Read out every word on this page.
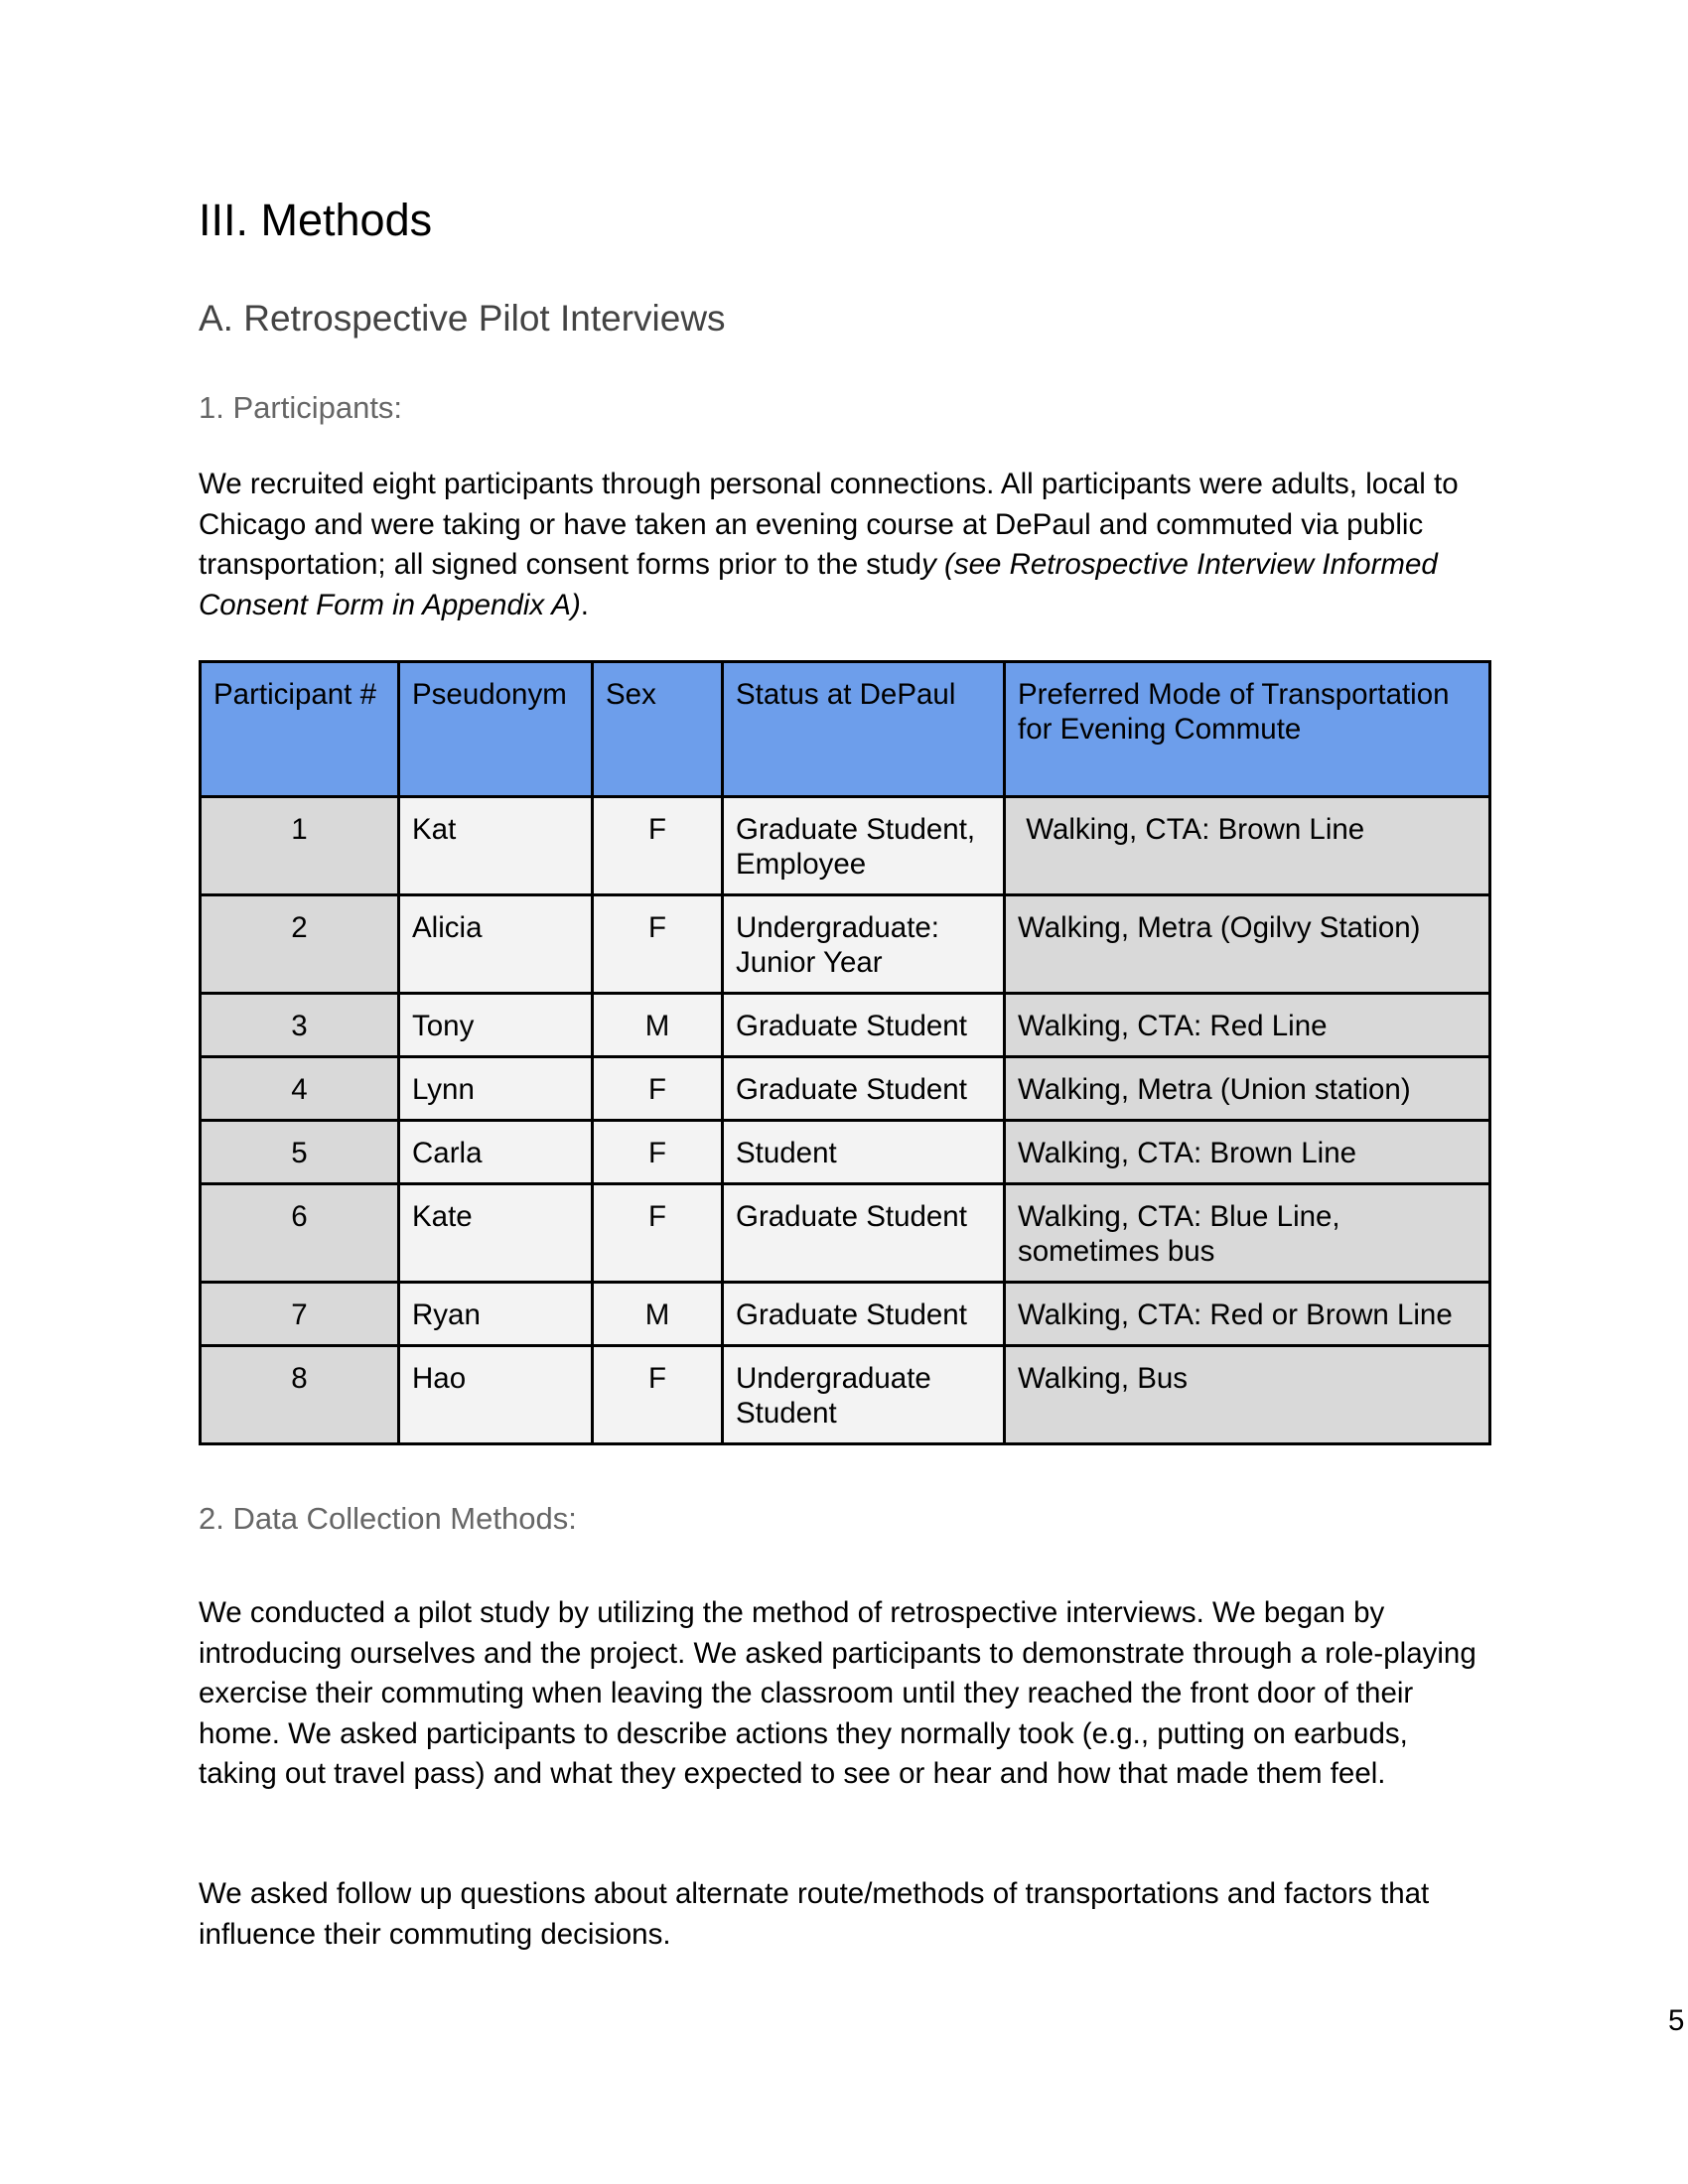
III. Methods
A. Retrospective Pilot Interviews
1. Participants:

We recruited eight participants through personal connections. All participants were adults, local to Chicago and were taking or have taken an evening course at DePaul and commuted via public transportation; all signed consent forms prior to the study (see Retrospective Interview Informed Consent Form in Appendix A).

Participant #	Pseudonym	Sex	Status at DePaul	Preferred Mode of Transportation for Evening Commute
1	Kat	F	Graduate Student, Employee	Walking, CTA: Brown Line
2	Alicia	F	Undergraduate: Junior Year	Walking, Metra (Ogilvy Station)
3	Tony	M	Graduate Student	Walking, CTA: Red Line
4	Lynn	F	Graduate Student	Walking, Metra (Union station)
5	Carla	F	Student	Walking, CTA: Brown Line
6	Kate	F	Graduate Student	Walking, CTA: Blue Line, sometimes bus
7	Ryan	M	Graduate Student	Walking, CTA: Red or Brown Line
8	Hao	F	Undergraduate Student	Walking, Bus
2. Data Collection Methods:

We conducted a pilot study by utilizing the method of retrospective interviews. We began by introducing ourselves and the project. We asked participants to demonstrate through a role-playing exercise their commuting when leaving the classroom until they reached the front door of their home. We asked participants to describe actions they normally took (e.g., putting on earbuds, taking out travel pass) and what they expected to see or hear and how that made them feel.

We asked follow up questions about alternate route/methods of transportations and factors that influence their commuting decisions.

5
